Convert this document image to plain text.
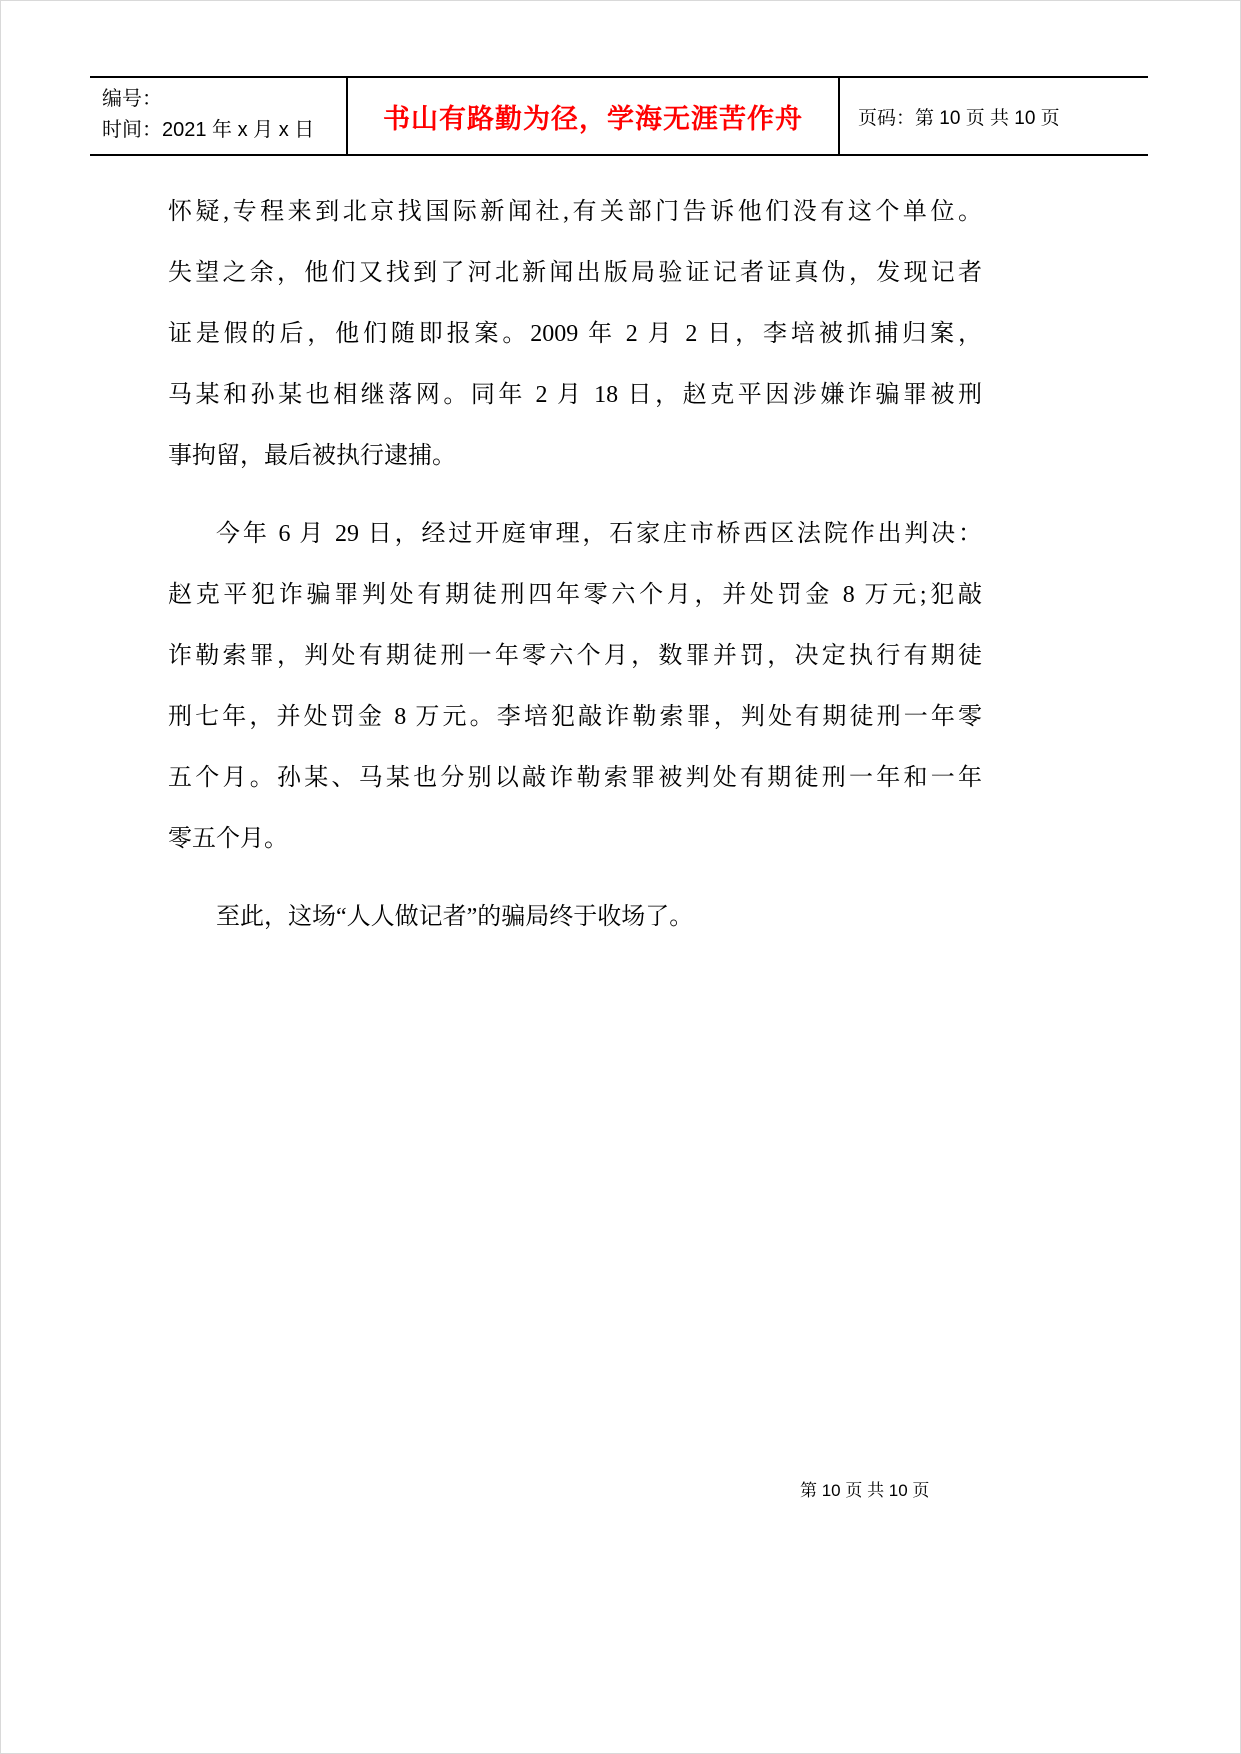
编号：
时间：2021 年 x 月 x 日	书山有路勤为径，学海无涯苦作舟	页码：第 10 页 共 10 页
怀疑,专程来到北京找国际新闻社,有关部门告诉他们没有这个单位。
失望之余，他们又找到了河北新闻出版局验证记者证真伪，发现记者
证是假的后，他们随即报案。2009 年 2 月 2 日，李培被抓捕归案，
马某和孙某也相继落网。同年 2 月 18 日，赵克平因涉嫌诈骗罪被刑
事拘留，最后被执行逮捕。
今年 6 月 29 日，经过开庭审理，石家庄市桥西区法院作出判决：
赵克平犯诈骗罪判处有期徒刑四年零六个月，并处罚金 8 万元;犯敲
诈勒索罪，判处有期徒刑一年零六个月，数罪并罚，决定执行有期徒
刑七年，并处罚金 8 万元。李培犯敲诈勒索罪，判处有期徒刑一年零
五个月。孙某、马某也分别以敲诈勒索罪被判处有期徒刑一年和一年
零五个月。
至此，这场“人人做记者”的骗局终于收场了。
第 10 页 共 10 页
